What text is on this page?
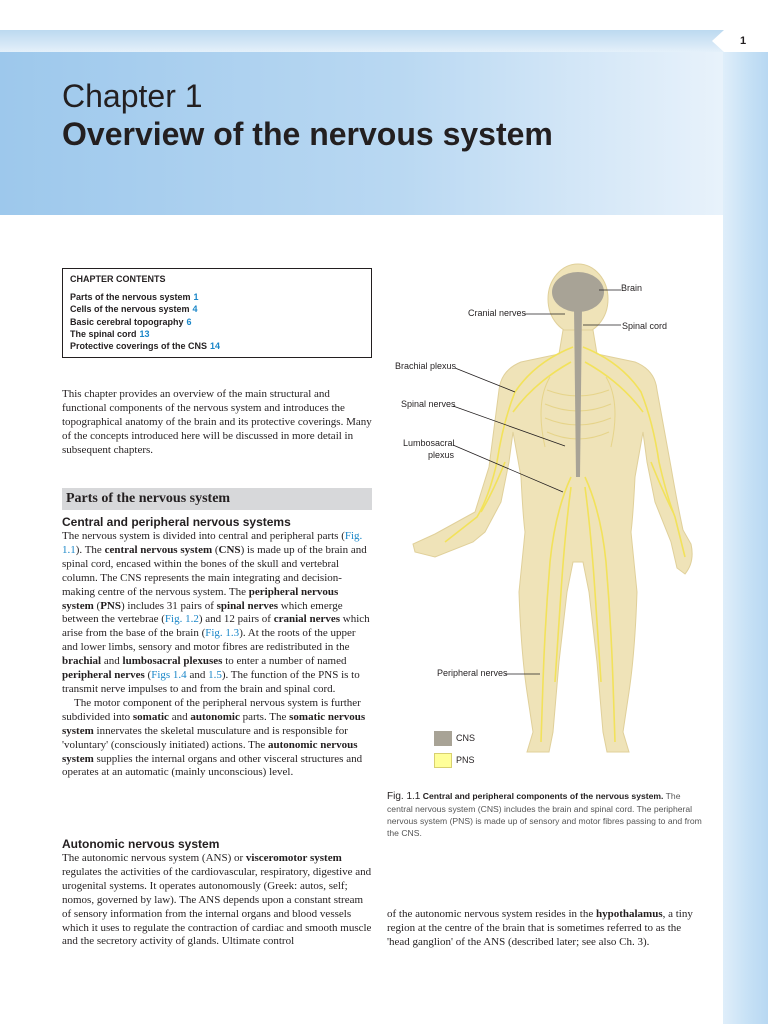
1
Chapter 1
Overview of the nervous system
CHAPTER CONTENTS
Parts of the nervous system 1
Cells of the nervous system 4
Basic cerebral topography 6
The spinal cord 13
Protective coverings of the CNS 14

This chapter provides an overview of the main structural and functional components of the nervous system and introduces the topographical anatomy of the brain and its protective coverings. Many of the concepts introduced here will be discussed in more detail in subsequent chapters.

Parts of the nervous system
Central and peripheral nervous systems

The nervous system is divided into central and peripheral parts (Fig. 1.1). The central nervous system (CNS) is made up of the brain and spinal cord, encased within the bones of the skull and vertebral column. The CNS represents the main integrating and decision-making centre of the nervous system. The peripheral nervous system (PNS) includes 31 pairs of spinal nerves which emerge between the vertebrae (Fig. 1.2) and 12 pairs of cranial nerves which arise from the base of the brain (Fig. 1.3). At the roots of the upper and lower limbs, sensory and motor fibres are redistributed in the brachial and lumbosacral plexuses to enter a number of named peripheral nerves (Figs 1.4 and 1.5). The function of the PNS is to transmit nerve impulses to and from the brain and spinal cord.

The motor component of the peripheral nervous system is further subdivided into somatic and autonomic parts. The somatic nervous system innervates the skeletal musculature and is responsible for 'voluntary' (consciously initiated) actions. The autonomic nervous system supplies the internal organs and other visceral structures and operates at an automatic (mainly unconscious) level.

Autonomic nervous system

The autonomic nervous system (ANS) or visceromotor system regulates the activities of the cardiovascular, respiratory, digestive and urogenital systems. It operates autonomously (Greek: autos, self; nomos, governed by law). The ANS depends upon a constant stream of sensory information from the internal organs and blood vessels which it uses to regulate the contraction of cardiac and smooth muscle and the secretory activity of glands. Ultimate control

of the autonomic nervous system resides in the hypothalamus, a tiny region at the centre of the brain that is sometimes referred to as the 'head ganglion' of the ANS (described later; see also Ch. 3).

Brain
Cranial nerves
Spinal cord
Brachial plexus
Spinal nerves
Lumbosacral
plexus
Peripheral nerves
CNS
PNS
Fig. 1.1 Central and peripheral components of the nervous system. The central nervous system (CNS) includes the brain and spinal cord. The peripheral nervous system (PNS) is made up of sensory and motor fibres passing to and from the CNS.
